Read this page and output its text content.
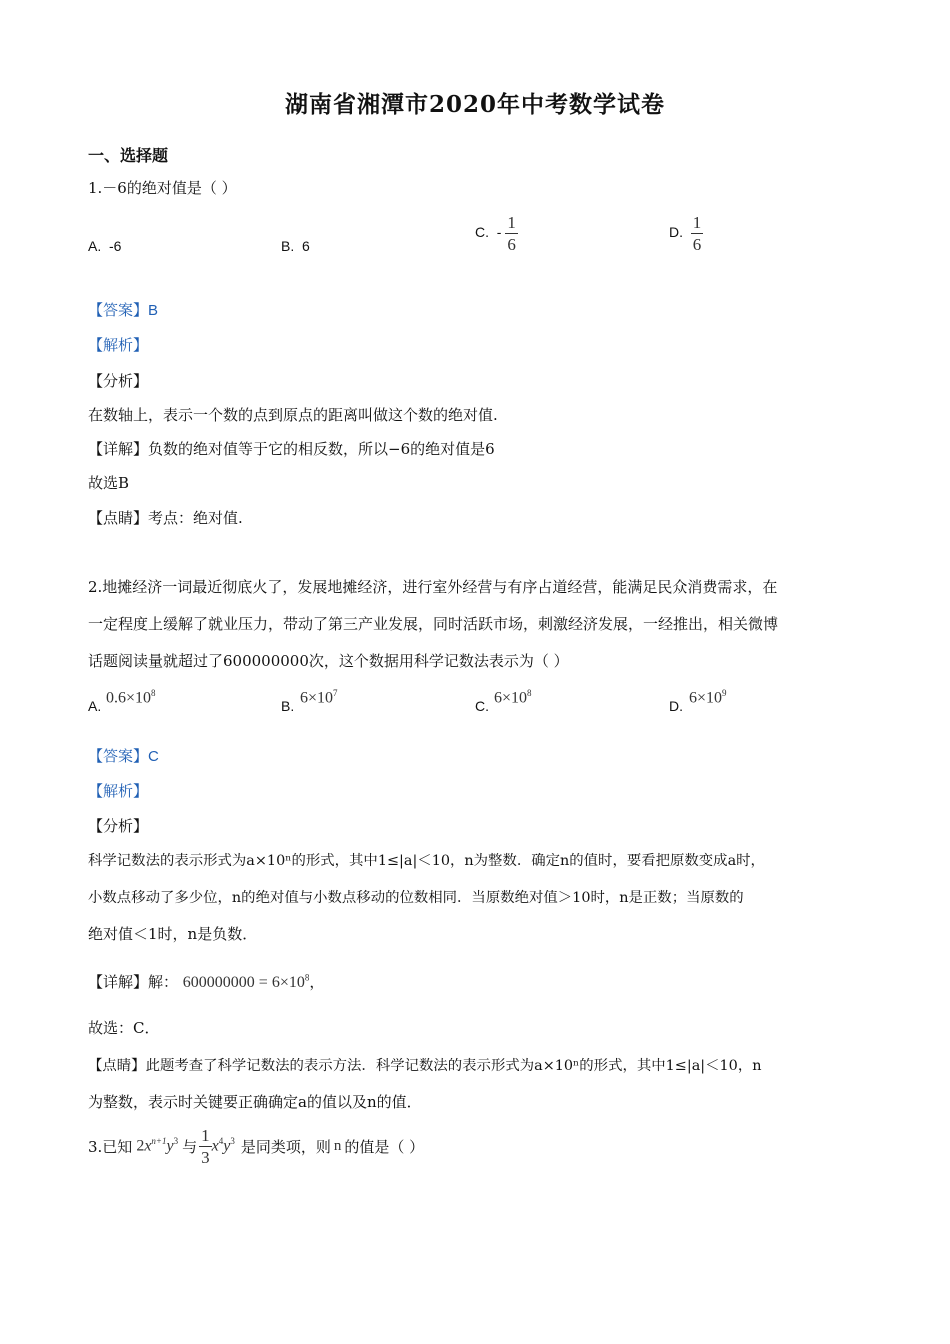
湖南省湘潭市2020年中考数学试卷
一、选择题
1.－6的绝对值是（ ）
A. -6	B. 6
C. - $\frac{1}{6}$	D. $\frac{1}{6}$
【答案】B
【解析】
【分析】
在数轴上，表示一个数的点到原点的距离叫做这个数的绝对值.
【详解】负数的绝对值等于它的相反数，所以−6的绝对值是6
故选B
【点睛】考点：绝对值.
2.地摊经济一词最近彻底火了，发展地摊经济，进行室外经营与有序占道经营，能满足民众消费需求，在
一定程度上缓解了就业压力，带动了第三产业发展，同时活跃市场，刺激经济发展，一经推出，相关微博
话题阅读量就超过了600000000次，这个数据用科学记数法表示为（ ）
A. $0.6\times 10^8$
B. $6\times 10^7$
C. $6\times 10^8$
D. $6\times 10^9$
【答案】C
【解析】
【分析】
科学记数法的表示形式为a×10ⁿ的形式，其中1≤|a|＜10，n为整数．确定n的值时，要看把原数变成a时，
小数点移动了多少位，n的绝对值与小数点移动的位数相同．当原数绝对值＞10时，n是正数；当原数的
绝对值＜1时，n是负数．
【详解】解： $600000000 = 6\times 10^8$，
故选：C．
【点睛】此题考查了科学记数法的表示方法．科学记数法的表示形式为a×10ⁿ的形式，其中1≤|a|＜10，n
为整数，表示时关键要正确确定a的值以及n的值．
3.已知 $2x^{n+1}y^3$ 与 $\frac{1}{3} x^4y^3$ 是同类项，则 n 的值是（ ）
